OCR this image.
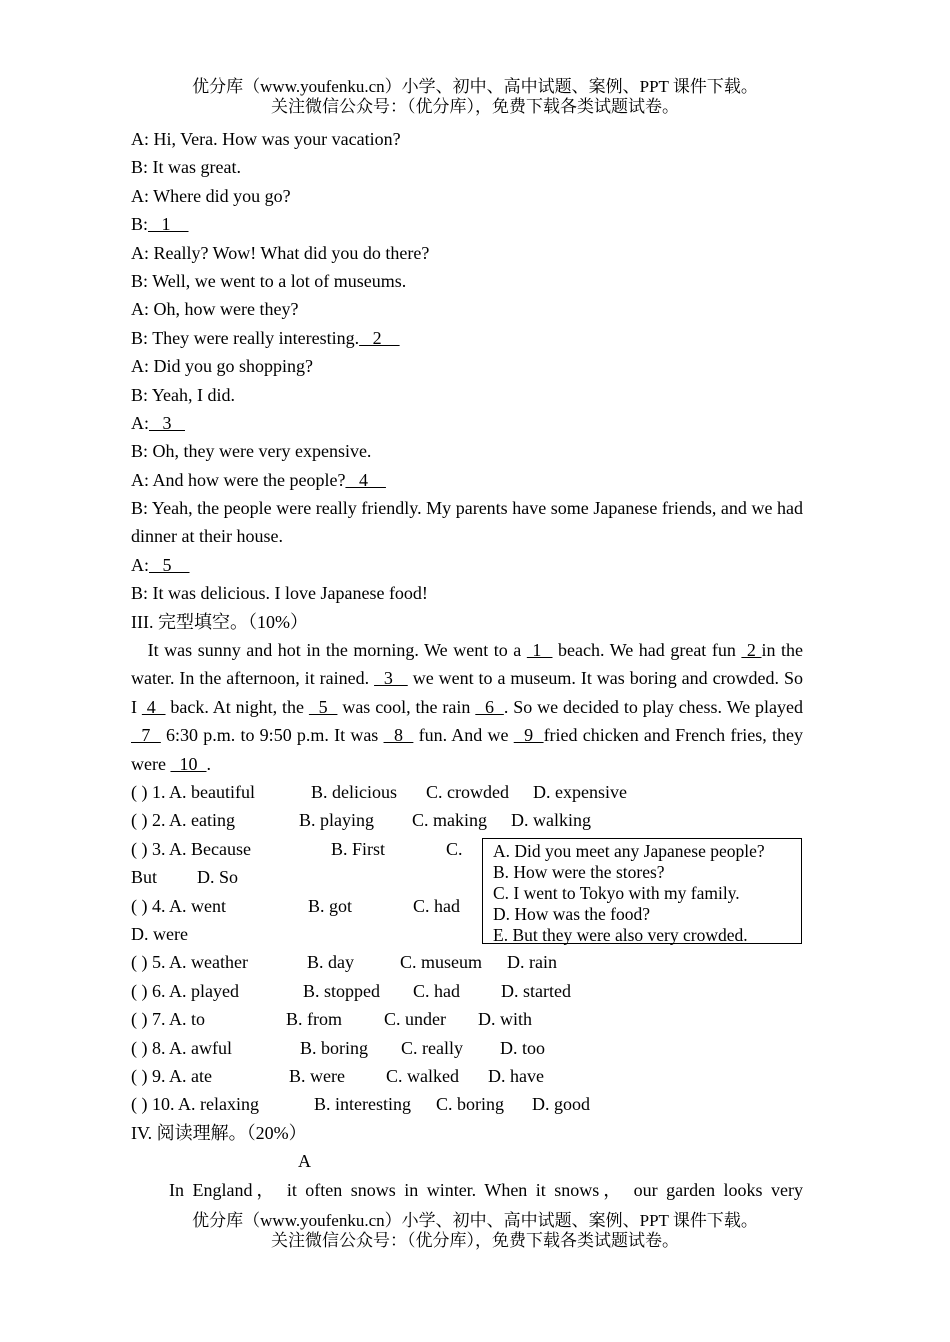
优分库（www.youfenku.cn）小学、初中、高中试题、案例、PPT 课件下载。
关注微信公众号：（优分库），免费下载各类试题试卷。
A: Hi, Vera. How was your vacation?
B: It was great.
A: Where did you go?
B:   1
A: Really? Wow! What did you do there?
B: Well, we went to a lot of museums.
A: Oh, how were they?
B: They were really interesting.   2
A: Did you go shopping?
B: Yeah, I did.
A:   3
B: Oh, they were very expensive.
A: And how were the people?   4
B: Yeah, the people were really friendly. My parents have some Japanese friends, and we had dinner at their house.
A:   5
B: It was delicious. I love Japanese food!
III. 完型填空。（10%）
It was sunny and hot in the morning. We went to a  1   beach. We had great fun  2 in the water. In the afternoon, it rained.   3    we went to a museum. It was boring and crowded. So I  4   back. At night, the   5   was cool, the rain   6  . So we decided to play chess. We played   7   6:30 p.m. to 9:50 p.m. It was   8   fun. And we   9  fried chicken and French fries, they were   10  .
( ) 1. A. beautiful	B. delicious C. crowded D. expensive
( ) 2. A. eating	B. playing C. making D. walking
( ) 3. A. Because	B. First	C.
But D. So
( ) 4. A. went	B. got	C. had
D. were
( ) 5. A. weather	B. day	C. museum D. rain
( ) 6. A. played	B. stopped C. had D. started
( ) 7. A. to	B. from C. under D. with
( ) 8. A. awful	B. boring C. really D. too
( ) 9. A. ate	B. were C. walked D. have
( ) 10. A. relaxing	B. interesting C. boring D. good
IV. 阅读理解。（20%）
A
In England， it often snows in winter. When it snows， our garden looks very
A. Did you meet any Japanese people?
B. How were the stores?
C. I went to Tokyo with my family.
D. How was the food?
E. But they were also very crowded.
优分库（www.youfenku.cn）小学、初中、高中试题、案例、PPT 课件下载。
关注微信公众号：（优分库），免费下载各类试题试卷。
